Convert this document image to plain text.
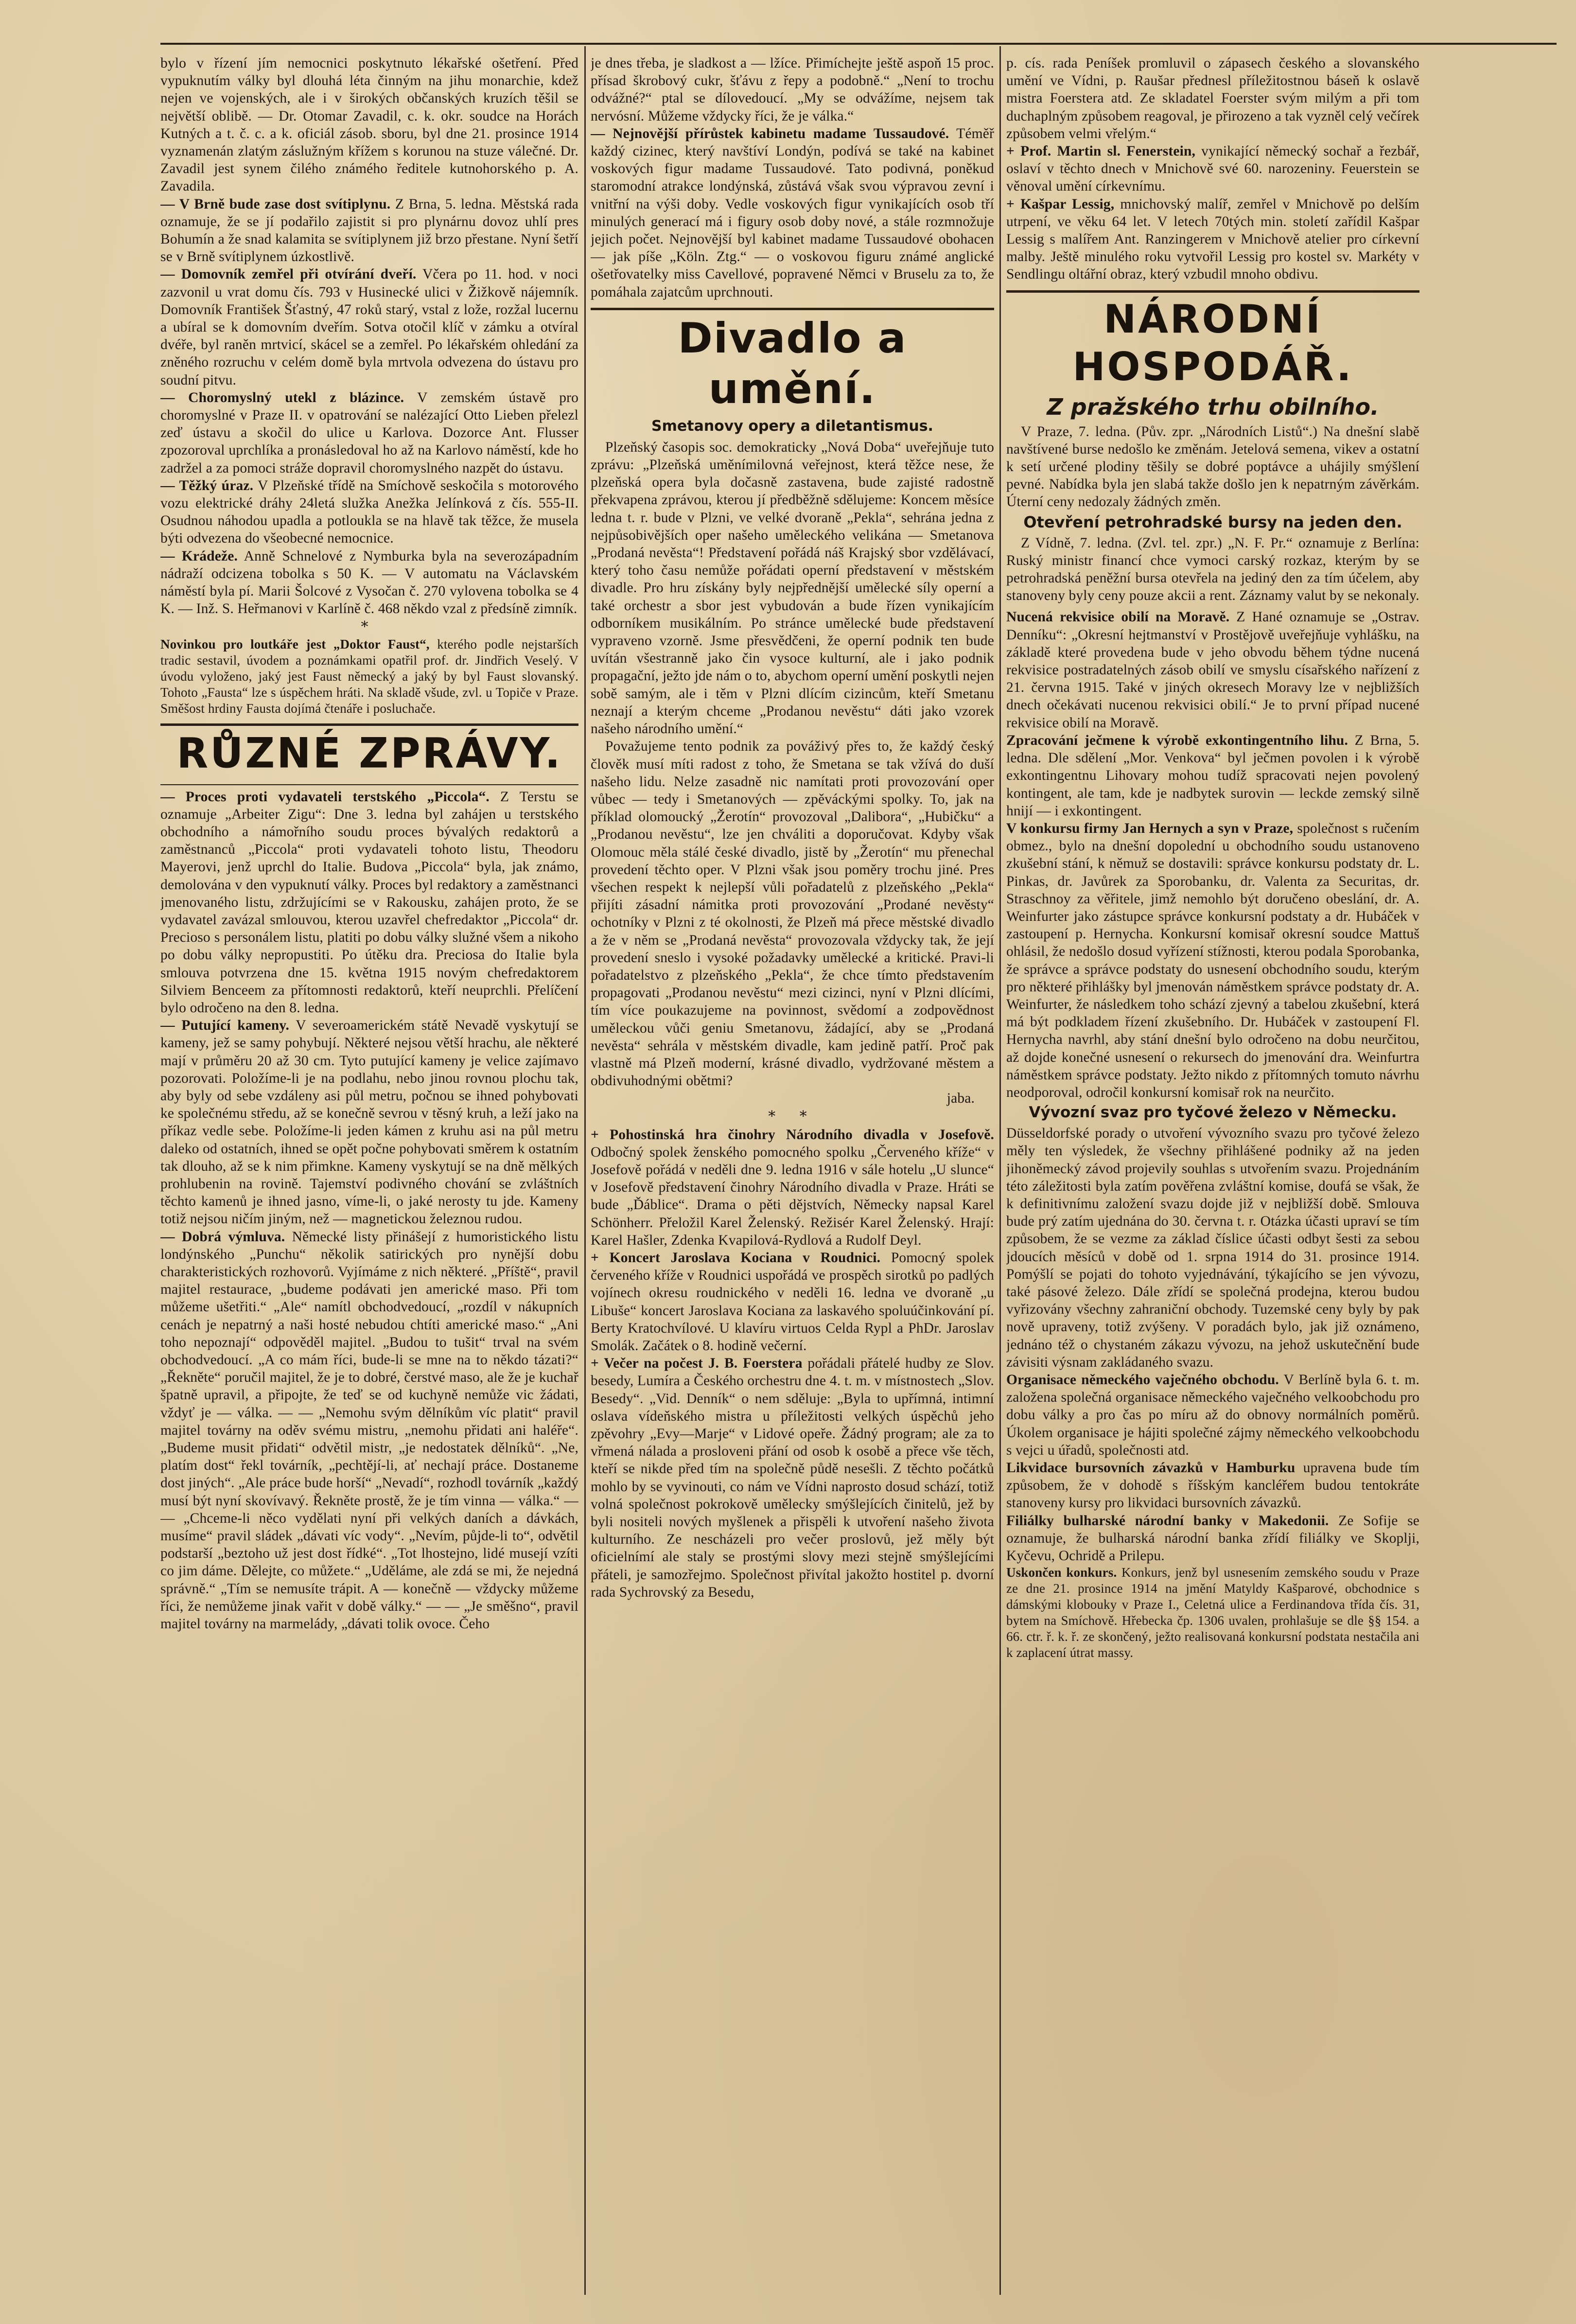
bylo v řízení jím nemocnici poskytnuto lékařské ošetření. Před vypuknutím války byl dlouhá léta činným na jihu monarchie, kdež nejen ve vojenských, ale i v širokých občanských kruzích těšil se největší oblibě. — Dr. Otomar Zavadil, c. k. okr. soudce na Horách Kutných a t. č. c. a k. oficiál zásob. sboru, byl dne 21. prosince 1914 vyznamenán zlatým záslužným křížem s korunou na stuze válečné. Dr. Zavadil jest synem čilého známého ředitele kutnohorského p. A. Zavadila.

— V Brně bude zase dost svítiplynu. Z Brna, 5. ledna. Městská rada oznamuje, že se jí podařilo zajistit si pro plynárnu dovoz uhlí pres Bohumín a že snad kalamita se svítiplynem již brzo přestane. Nyní šetří se v Brně svítiplynem úzkostlivě.

— Domovník zemřel při otvírání dveří. Včera po 11. hod. v noci zazvonil u vrat domu čís. 793 v Husinecké ulici v Žižkově nájemník. Domovník František Šťastný, 47 roků starý, vstal z lože, rozžal lucernu a ubíral se k domovním dveřím. Sotva otočil klíč v zámku a otvíral dvéře, byl raněn mrtvicí, skácel se a zemřel. Po lékařském ohledání za zněného rozruchu v celém domě byla mrtvola odvezena do ústavu pro soudní pitvu.

— Choromyslný utekl z blázince. V zemském ústavě pro choromyslné v Praze II. v opatrování se nalézající Otto Lieben přelezl zeď ústavu a skočil do ulice u Karlova. Dozorce Ant. Flusser zpozoroval uprchlíka a pronásledoval ho až na Karlovo náměstí, kde ho zadržel a za pomoci stráže dopravil choromyslného nazpět do ústavu.

— Těžký úraz. V Plzeňské třídě na Smíchově seskočila s motorového vozu elektrické dráhy 24letá služka Anežka Jelínková z čís. 555-II. Osudnou náhodou upadla a potloukla se na hlavě tak těžce, že musela býti odvezena do všeobecné nemocnice.

— Krádeže. Anně Schnelové z Nymburka byla na severozápadním nádraží odcizena tobolka s 50 K. — V automatu na Václavském náměstí byla pí. Marii Šolcové z Vysočan č. 270 vylovena tobolka se 4 K. — Inž. S. Heřmanovi v Karlíně č. 468 někdo vzal z předsíně zimník.

*

Novinkou pro loutkáře jest „Doktor Faust“, kteréhо podle nejstarších tradic sestavil, úvodem a poznámkami opatřil prof. dr. Jindřich Veselý. V úvodu vyloženo, jaký jest Faust německý a jaký by byl Faust slovanský. Tohoto „Fausta“ lze s úspěchem hráti. Na skladě všude, zvl. u Topiče v Praze. Směšost hrdiny Fausta dojímá čtenáře i posluchače.

RŮZNÉ ZPRÁVY.

— Proces proti vydavateli terstského „Piccola“. Z Terstu se oznamuje „Arbeiter Zigu“: Dne 3. ledna byl zahájen u terstského obchodního a námořního soudu proces bývalých redaktorů a zaměstnanců „Piccola“ proti vydavateli tohoto listu, Theodoru Mayerovi, jenž uprchl do Italie. Budova „Piccola“ byla, jak známo, demolována v den vypuknutí války. Proces byl redaktory a zaměstnanci jmenovaného listu, zdržujícími se v Rakousku, zahájen proto, že se vydavatel zavázal smlouvou, kterou uzavřel chefredaktor „Piccola“ dr. Precioso s personálem listu, platiti po dobu války služné všem a nikoho po dobu války nepropustiti. Po útěku dra. Preciosa do Italie byla smlouva potvrzena dne 15. května 1915 novým chefredaktorem Silviem Benceem za přítomnosti redaktorů, kteří neuprchli. Přelíčení bylo odročeno na den 8. ledna.

— Putující kameny. V severoamerickém státě Nevadě vyskytují se kameny, jež se samy pohybují. Některé nejsou větší hrachu, ale některé mají v průměru 20 až 30 cm. Tyto putující kameny je velice zajímavo pozorovati. Položíme-li je na podlahu, nebo jinou rovnou plochu tak, aby byly od sebe vzdáleny asi půl metru, počnou se ihned pohybovati ke společnému středu, až se konečně sevrou v těsný kruh, a leží jako na příkaz vedle sebe. Položíme-li jeden kámen z kruhu asi na půl metru daleko od ostatních, ihned se opět počne pohybovati směrem k ostatním tak dlouho, až se k nim přimkne. Kameny vyskytují se na dně mělkých prohlubenin na rovině. Tajemství podivného chování se zvláštních těchto kamenů je ihned jasno, víme-li, o jaké nerosty tu jde. Kameny totiž nejsou ničím jiným, než — magnetickou železnou rudou.

— Dobrá výmluva. Německé listy přinášejí z humoristického listu londýnského „Punchu“ několik satirických pro nynější dobu charakteristických rozhovorů. Vyjímáme z nich některé. „Příště“, pravil majitel restaurace, „budeme podávati jen americké maso. Při tom můžeme ušetřiti.“ „Ale“ namítl obchodvedoucí, „rozdíl v nákupních cenách je nepatrný a naši hosté nebudou chtíti americké maso.“ „Ani toho nepoznají“ odpověděl majitel. „Budou to tušit“ trval na svém obchodvedoucí. „A co mám říci, bude-li se mne na to někdo tázati?“ „Řekněte“ poručil majitel, že je to dobré, čerstvé maso, ale že je kuchař špatně upravil, a připojte, že teď se od kuchyně nemůže vic žádati, vždyť je — válka. — — „Nemohu svým dělníkům víc platit“ pravil majitel továrny na oděv svému mistru, „nemohu přidati ani haléře“. „Budeme musit přidati“ odvětil mistr, „je nedostatek dělníků“. „Ne, platím dost“ řekl továrník, „pechtějí-li, ať nechají práce. Dostaneme dost jiných“. „Ale práce bude horší“ „Nevadí“, rozhodl továrník „každý musí být nyní skovívavý. Řekněte prostě, že je tím vinna — válka.“ — — „Chceme-li něco vydělati nyní při velkých daních a dávkách, musíme“ pravil sládek „dávati víc vody“. „Nevím, půjde-li to“, odvětil podstarší „beztoho už jest dost řídké“. „Tot lhostejno, lidé musejí vzíti co jim dáme. Dělejte, co můžete.“ „Uděláme, ale zdá se mi, že nejedná správně.“ „Tím se nemusíte trápit. A — konečně — vždycky můžeme říci, že nemůžeme jinak vařit v době války.“ — — „Je směšno“, pravil majitel továrny na marmelády, „dávati tolik ovoce. Čeho

je dnes třeba, je sladkost a — lžíce. Přimícheјte ještě aspoň 15 proc. přísad škrobový cukr, šťávu z řepy a podobně.“ „Není to trochu odvážné?“ ptal se dílovedoucí. „My se odvážíme, nejsem tak nervósní. Můžeme vždycky říci, že je válka.“

— Nejnovější přírůstek kabinetu madame Tussaudové. Téměř každý cizinec, který navštíví Londýn, podívá se také na kabinet voskových figur madame Tussaudové. Tato podivná, poněkud staromodní atrakce londýnská, zůstává však svou výpravou zevní i vnitřní na výši doby. Vedle voskových figur vynikajících osob tří minulých generací má i figury osob doby nové, a stále rozmnožuje jejich počet. Nejnovější byl kabinet madame Tussaudové obohacen — jak píše „Köln. Ztg.“ — o voskovou figuru známé anglické ošetřovatelky miss Cavellové, popravené Němci v Bruselu za to, že pomáhala zajatcům uprchnouti.

Divadlo a umění.
Smetanovy opery a diletantismus.

Plzeňský časopis soc. demokraticky „Nová Doba“ uveřejňuje tuto zprávu: „Plzeňská uměnímilovná veřejnost, která těžce nese, že plzeňská opera byla dočasně zastavena, bude zajisté radostně překvapena zprávou, kterou jí předběžně sdělujeme: Koncem měsíce ledna t. r. bude v Plzni, ve velké dvoraně „Pekla“, sehrána jedna z nejpůsobivějších oper našeho uměleckého velikána — Smetanova „Prodaná nevěsta“! Představení pořádá náš Krajský sbor vzdělávací, který toho času nemůže pořádati operní představení v městském divadle. Pro hru získány byly nejpřednější umělecké síly operní a také orchestr a sbor jest vybudován a bude řízen vynikajícím odborníkem musikálním. Po stránce umělecké bude představení vypraveno vzorně. Jsme přesvědčeni, že operní podnik ten bude uvítán všestranně jako čin vysoce kulturní, ale i jako podnik propagační, ježto jde nám o to, abychom operní umění poskytli nejen sobě samým, ale i těm v Plzni dlícím cizincům, kteří Smetanu neznají a kterým chceme „Prodanou nevěstu“ dáti jako vzorek našeho národního umění.“

Považujeme tento podnik za pováživý přes to, že každý český člověk musí míti radost z toho, že Smetana se tak vžívá do duší našeho lidu. Nelze zasadně nic namítati proti provozování oper vůbec — tedy i Smetanových — zpěváckými spolky. To, jak na příklad olomoucký „Žerotín“ provozoval „Dalibora“, „Hubičku“ a „Prodanou nevěstu“, lze jen chváliti a doporučovat. Kdyby však Olomouc měla stálé české divadlo, jistě by „Žerotín“ mu přenechal provedení těchto oper. V Plzni však jsou poměry trochu jiné. Pres všechen respekt k nejlepší vůli pořadatelů z plzeňského „Pekla“ přijíti zásadní námitka proti provozování „Prodané nevěsty“ ochotníky v Plzni z té okolnosti, že Plzeň má přece městské divadlo a že v něm se „Prodaná nevěsta“ provozovala vždycky tak, že její provedení sneslo i vysoké požadavky umělecké a kritické. Pravi-li pořadatelstvo z plzeňského „Pekla“, že chce tímto představením propagovati „Prodanou nevěstu“ mezi cizinci, nyní v Plzni dlícími, tím více poukazujeme na povinnost, svědomí a zodpovědnost uměleckou vůči geniu Smetanovu, žádající, aby se „Prodaná nevěsta“ sehrála v městském divadle, kam jedině patří. Proč pak vlastně má Plzeň moderní, krásné divadlo, vydržované městem a obdivuhodnými obětmi?

jaba.
* *

+ Pohostinská hra činohry Národního divadla v Josefově. Odbočný spolek ženského pomocného spolku „Červeného kříže“ v Josefově pořádá v neděli dne 9. ledna 1916 v sále hotelu „U slunce“ v Josefově představení činohry Národního divadla v Praze. Hráti se bude „Ďáblice“. Drama o pěti dějstvích, Německy napsal Karel Schönherr. Přeložil Karel Želenský. Režisér Karel Želenský. Hrají: Karel Hašler, Zdenka Kvapilová-Rydlová a Rudolf Deyl.

+ Koncert Jaroslava Kociana v Roudnici. Pomocný spolek červeného kříže v Roudnici uspořádá ve prospěch sirotků po padlých vojínech okresu roudnického v neděli 16. ledna ve dvoraně „u Libuše“ koncert Jaroslava Kociana za laskavého spoluúčinkování pí. Berty Kratochvílové. U klavíru virtuos Celda Rypl a PhDr. Jaroslav Smolák. Začátek o 8. hodině večerní.

+ Večer na počest J. B. Foerstera pořádali přátelé hudby ze Slov. besedy, Lumíra a Českého orchestru dne 4. t. m. v místnostech „Slov. Besedy“. „Vid. Denník“ o nem sděluje: „Byla to upřímná, intimní oslava vídeňského mistra u příležitosti velkých úspěchů jeho zpěvohry „Evy—Marje“ v Lidové opeře. Žádný program; ale za to vřmená nálada a prosloveni přání od osob k osobě a přece vše těch, kteří se nikde před tím na společně půdě nesešli. Z těchto počátků mohlo by se vyvinouti, co nám ve Vídni naprosto dosud schází, totiž volná společnost pokrokově umělecky smýšlejících činitelů, jež by byli nositeli nových myšlenek a přispěli k utvoření našeho života kulturního. Ze nescházeli pro večer proslovů, jež měly být oficielnímí ale staly se prostými slovy mezi stejně smýšlejícími přáteli, je samozřejmo. Společnost přivítal jakožto hostitel p. dvorní rada Sychrovský za Besedu,

p. cís. rada Peníšek promluvil o zápasech českého a slovanského umění ve Vídni, p. Raušar přednesl příležitostnou báseň k oslavě mistra Foerstera atd. Ze skladatel Foerster svým milým a při tom duchaplným způsobem reagoval, je přirozeno a tak vyzněl celý večírek způsobem velmi vřelým.“

+ Prof. Martin sl. Fenerstein, vynikající německý sochař a řezbář, oslaví v těchto dnech v Mnichově své 60. narozeniny. Feuerstein se věnoval umění církevnímu.

+ Kašpar Lessig, mnichovský malíř, zemřel v Mnichově po delším utrpení, ve věku 64 let. V letech 70tých min. století zařídil Kašpar Lessig s malířem Ant. Ranzingerem v Mnichově atelier pro církevní malby. Ještě minulého roku vytvořil Lessig pro kostel sv. Markéty v Sendlingu oltářní obraz, který vzbudil mnoho obdivu.

NÁRODNÍ HOSPODÁŘ.
Z pražského trhu obilního.

V Praze, 7. ledna. (Pův. zpr. „Národních Listů“.) Na dnešní slabě navštívené burse nedošlo ke změnám. Jetelová semena, vikev a ostatní k setí určené plodiny těšily se dobré poptávce a uhájily smýšlení pevné. Nabídka byla jen slabá takže došlo jen k nepatrným závěrkám. Úterní ceny nedozaly žádných změn.

Otevření petrohradské bursy na jeden den.

Z Vídně, 7. ledna. (Zvl. tel. zpr.) „N. F. Pr.“ oznamuje z Berlína: Ruský ministr financí chce vymoci carský rozkaz, kterým by se petrohradská peněžní bursa otevřela na jediný den za tím účelem, aby stanoveny byly ceny pouze akcii a rent. Záznamy valut by se nekonaly.

Nucená rekvisice obilí na Moravě. Z Hané oznamuje se „Ostrav. Denníku“: „Okresní hejtmanství v Prostějově uveřejňuje vyhlášku, na základě které provedena bude v jeho obvodu během týdne nucená rekvisice postradatelných zásob obilí ve smyslu císařského nařízení z 21. června 1915. Také v jiných okresech Moravy lze v nejbližších dnech očekávati nucenou rekvisici obilí.“ Je to první případ nucené rekvisice obilí na Moravě.

Zpracování ječmene k výrobě exkontingentního lihu. Z Brna, 5. ledna. Dle sdělení „Mor. Venkova“ byl ječmen povolen i k výrobě exkontingentnu Lihovary mohou tudíž spracovati nejen povolený kontingent, ale tam, kde je nadbytek surovin — leckde zemský silně hnijí — i exkontingent.

V konkursu firmy Jan Hernych a syn v Praze, společnost s ručením obmez., bylo na dnešní dopolední u obchodního soudu ustanoveno zkušební stání, k němuž se dostavili: správce konkursu podstaty dr. L. Pinkas, dr. Javůrek za Sporobanku, dr. Valenta za Securitas, dr. Straschnoy za věřitele, jimž nemohlo být doručeno obeslání, dr. A. Weinfurter jako zástupce správce konkursní podstaty a dr. Hubáček v zastoupení p. Hernycha. Konkursní komisař okresní soudce Mattuš ohlásil, že nedošlo dosud vyřízení stížnosti, kterou podala Sporobanka, že správce a správce podstaty do usnesení obchodního soudu, kterým pro některé přihlášky byl jmenován náměstkem správce podstaty dr. A. Weinfurter, že následkem toho schází zjevný a tabelou zkušební, která má být podkladem řízení zkušebního. Dr. Hubáček v zastoupení Fl. Hernycha navrhl, aby stání dnešní bylo odročeno na dobu neurčitou, až dojde konečné usnesení o rekursech do jmenování dra. Weinfurtra náměstkem správce podstaty. Ježto nikdo z přítomných tomuto návrhu neodporoval, odročil konkursní komisař rok na neurčito.

Vývozní svaz pro tyčové železo v Německu.

Düsseldorfské porady o utvoření vývozního svazu pro tyčové železo měly ten výsledek, že všechny přihlášené podniky až na jeden jihoněmecký závod projevily souhlas s utvořením svazu. Projednáním této záležitosti byla zatím pověřena zvláštní komise, doufá se však, že k definitivnímu založení svazu dojde již v nejbližší době. Smlouva bude prý zatím ujednána do 30. června t. r. Otázka účasti upraví se tím způsobem, že se vezme za základ číslice účasti odbyt šesti za sebou jdoucích měsíců v době od 1. srpna 1914 do 31. prosince 1914. Pomýšlí se pojati do tohoto vyjednávání, týkajícího se jen vývozu, také pásové železo. Dále zřídí se společná prodejna, kterou budou vyřizovány všechny zahraniční obchody. Tuzemské ceny byly by pak nově upraveny, totiž zvýšeny. V poradách bylo, jak již oznámeno, jednáno též o chystaném zákazu vývozu, na jehož uskutečnění bude závisiti výsnam zakládaného svazu.

Organisace německého vaječného obchodu. V Berlíně byla 6. t. m. založena společná organisace německého vaječného velkoobchodu pro dobu války a pro čas po míru až do obnovy normálních poměrů. Úkolem organisace je hájiti společné zájmy německého velkoobchodu s vejci u úřadů, společnosti atd.

Likvidace bursovních závazků v Hamburku upravena bude tím způsobem, že v dohodě s říšským kancléřem budou tentokráte stanoveny kursy pro likvidaci bursovních závazků.

Filiálky bulharské národní banky v Makedonii. Ze Sofije se oznamuje, že bulharská národní banka zřídí filiálky ve Skoplji, Kyčevu, Ochridě a Prilepu.

Uskončen konkurs. Konkurs, jenž byl usnesením zemského soudu v Praze ze dne 21. prosince 1914 na jmění Matyldy Kašparové, obchodnice s dámskými klobouky v Praze I., Celetná ulice a Ferdinandova třída čís. 31, bytem na Smíchově. Hřebecka čp. 1306 uvalen, prohlašuje se dle §§ 154. a 66. ctr. ř. k. ř. ze skončený, ježto realisovaná konkursní podstata nestačila ani k zaplacení útrat massy.
